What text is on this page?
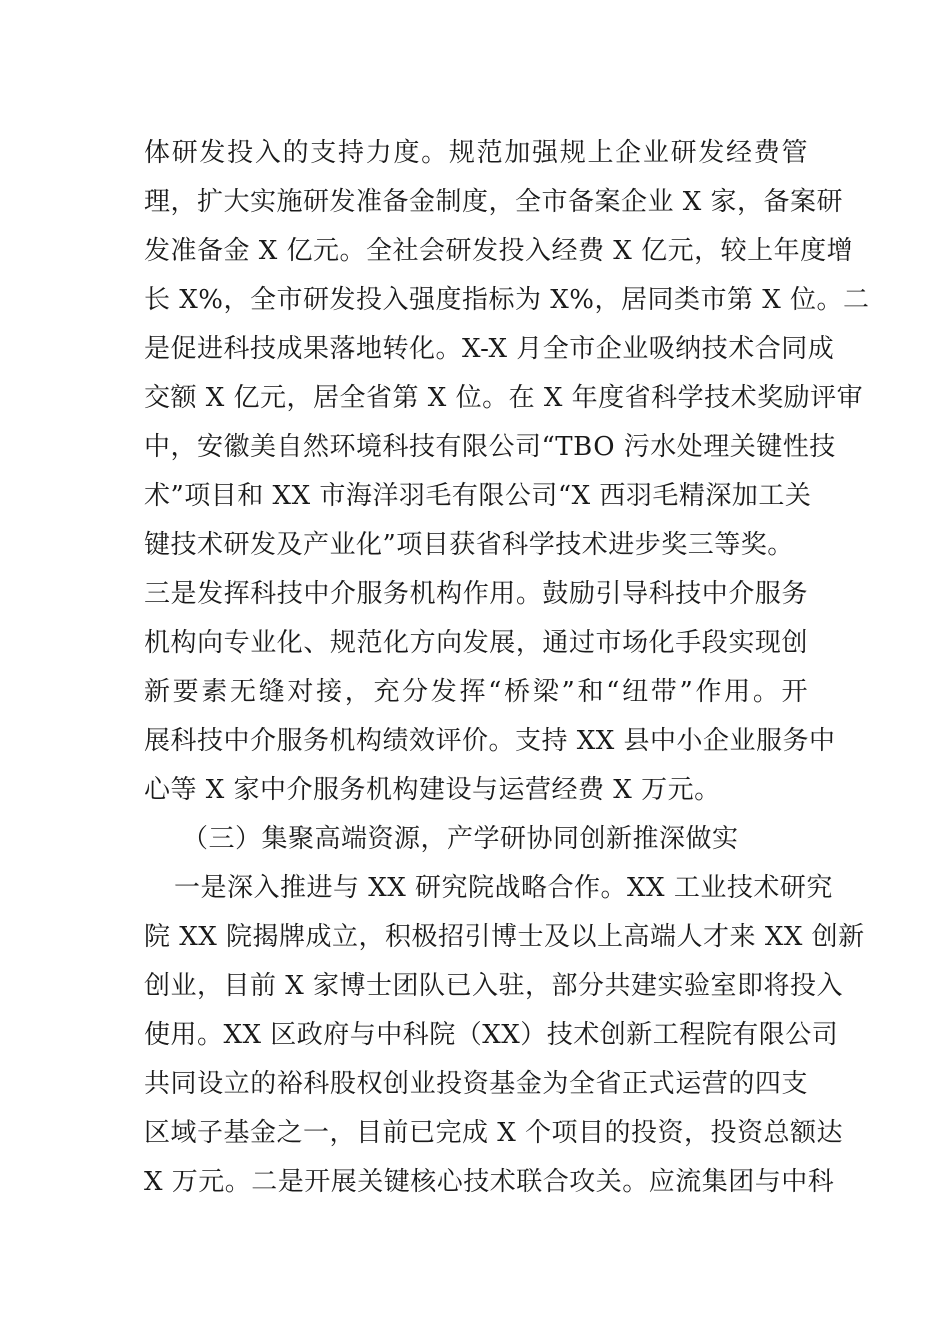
体研发投入的支持力度。规范加强规上企业研发经费管
理，扩大实施研发准备金制度，全市备案企业 X 家，备案研
发准备金 X 亿元。全社会研发投入经费 X 亿元，较上年度增
长 X%，全市研发投入强度指标为 X%，居同类市第 X 位。二
是促进科技成果落地转化。X-X 月全市企业吸纳技术合同成
交额 X 亿元，居全省第 X 位。在 X 年度省科学技术奖励评审
中，安徽美自然环境科技有限公司“TBO 污水处理关键性技
术”项目和 XX 市海洋羽毛有限公司“X 西羽毛精深加工关
键技术研发及产业化”项目获省科学技术进步奖三等奖。
三是发挥科技中介服务机构作用。鼓励引导科技中介服务
机构向专业化、规范化方向发展，通过市场化手段实现创
新要素无缝对接，充分发挥“桥梁”和“纽带”作用。开
展科技中介服务机构绩效评价。支持 XX 县中小企业服务中
心等 X 家中介服务机构建设与运营经费 X 万元。
（三）集聚高端资源，产学研协同创新推深做实
一是深入推进与 XX 研究院战略合作。XX 工业技术研究
院 XX 院揭牌成立，积极招引博士及以上高端人才来 XX 创新
创业，目前 X 家博士团队已入驻，部分共建实验室即将投入
使用。XX 区政府与中科院（XX）技术创新工程院有限公司
共同设立的裕科股权创业投资基金为全省正式运营的四支
区域子基金之一，目前已完成 X 个项目的投资，投资总额达
X 万元。二是开展关键核心技术联合攻关。应流集团与中科
